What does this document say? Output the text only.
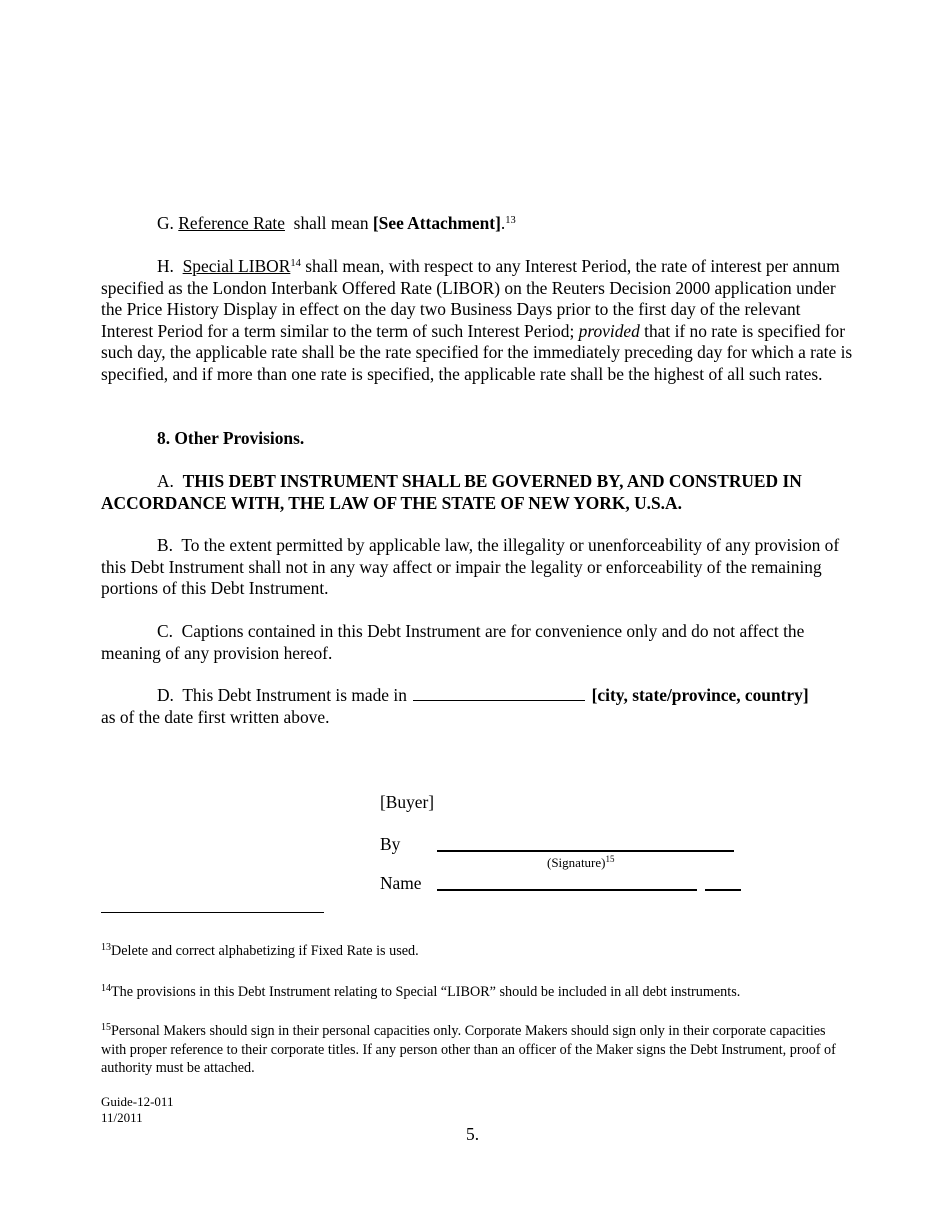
G. Reference Rate shall mean [See Attachment].$^{13}$

H. Special LIBOR$^{14}$ shall mean, with respect to any Interest Period, the rate of interest per annum specified as the London Interbank Offered Rate (LIBOR) on the Reuters Decision 2000 application under the Price History Display in effect on the day two Business Days prior to the first day of the relevant Interest Period for a term similar to the term of such Interest Period; provided that if no rate is specified for such day, the applicable rate shall be the rate specified for the immediately preceding day for which a rate is specified, and if more than one rate is specified, the applicable rate shall be the highest of all such rates.

8. Other Provisions.

A. THIS DEBT INSTRUMENT SHALL BE GOVERNED BY, AND CONSTRUED IN ACCORDANCE WITH, THE LAW OF THE STATE OF NEW YORK, U.S.A.

B. To the extent permitted by applicable law, the illegality or unenforceability of any provision of this Debt Instrument shall not in any way affect or impair the legality or enforceability of the remaining portions of this Debt Instrument.

C. Captions contained in this Debt Instrument are for convenience only and do not affect the meaning of any provision hereof.

D. This Debt Instrument is made in	[city, state/province, country]
as of the date first written above.

[Buyer]
By
(Signature)$^{15}$
Name

$^{13}$Delete and correct alphabetizing if Fixed Rate is used.

$^{14}$The provisions in this Debt Instrument relating to Special “LIBOR” should be included in all debt instruments.

$^{15}$Personal Makers should sign in their personal capacities only. Corporate Makers should sign only in their corporate capacities with proper reference to their corporate titles. If any person other than an officer of the Maker signs the Debt Instrument, proof of authority must be attached.

Guide-12-011
11/2011
5.
